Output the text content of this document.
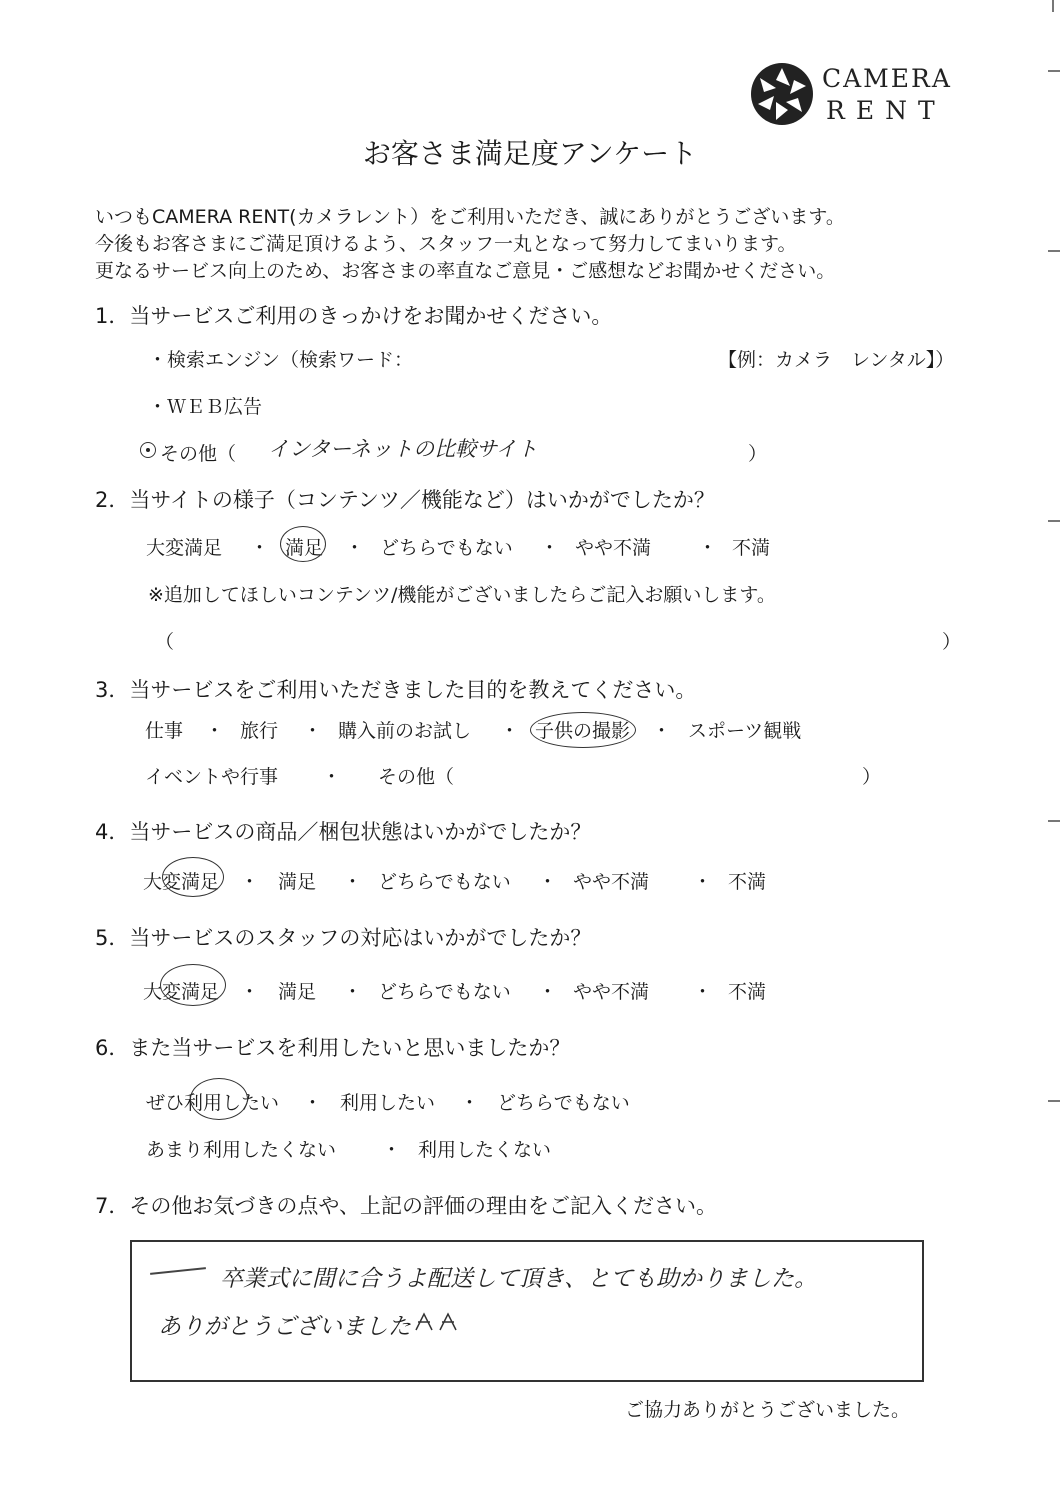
CAMERA
RENT
お客さま満足度アンケート
いつもCAMERA RENT(カメラレント）をご利用いただき、誠にありがとうございます。
今後もお客さまにご満足頂けるよう、スタッフ一丸となって努力してまいります。
更なるサービス向上のため、お客さまの率直なご意見・ご感想などお聞かせください。
1．当サービスご利用のきっかけをお聞かせください。
・検索エンジン（検索ワード：	【例：カメラ　レンタル】）
・ＷＥＢ広告
その他（ インターネットの比較サイト	）
2．当サイトの様子（コンテンツ／機能など）はいかがでしたか？
大変満足 ・ 満足 ・ どちらでもない ・ やや不満 ・ 不満
※追加してほしいコンテンツ/機能がございましたらご記入お願いします。
（	）
3．当サービスをご利用いただきました目的を教えてください。
仕事 ・ 旅行 ・ 購入前のお試し ・ 子供の撮影 ・ スポーツ観戦
イベントや行事 ・ その他（	）
4．当サービスの商品／梱包状態はいかがでしたか？
大変満足 ・ 満足 ・ どちらでもない ・ やや不満 ・ 不満
5．当サービスのスタッフの対応はいかがでしたか？
大変満足 ・ 満足 ・ どちらでもない ・ やや不満 ・ 不満
6．また当サービスを利用したいと思いましたか？
ぜひ利用したい ・ 利用したい ・ どちらでもない
あまり利用したくない ・ 利用したくない
7．その他お気づきの点や、上記の評価の理由をご記入ください。
卒業式に間に合うよ配送して頂き、とても助かりました。
ありがとうございました
ご協力ありがとうございました。
